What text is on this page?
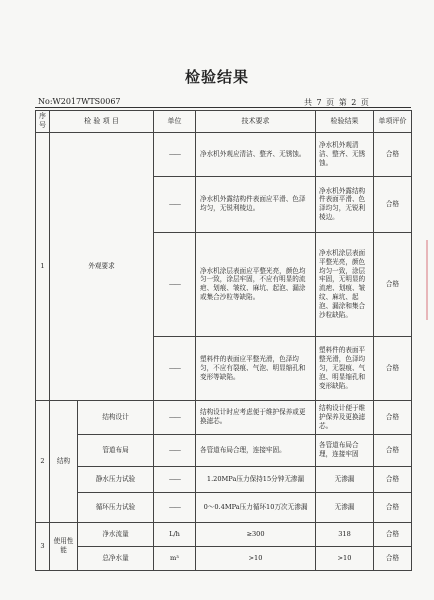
检验结果
No:W2017WTS0067	共 7 页 第 2 页
序号	检 验 项 目		单位	技术要求	检验结果	单项评价
1	外观要求		——	净水机外观应清洁、整齐、无锈蚀。	净水机外观清洁、整齐、无锈蚀。	合格
			——	净水机外露结构件表面应平滑、色泽均匀，无锐利棱边。	净水机外露结构件表面平滑、色泽均匀，无锐利棱边。	合格
			——	净水机涂层表面应平整光亮，颜色均匀一致，涂层牢固，不应有明显的流疤、划痕、皱纹、麻坑、起泡、漏涂或集合沙粒等缺陷。	净水机涂层表面平整光亮，颜色均匀一致，涂层牢固，无明显的流疤、划痕、皱纹、麻坑、起泡、漏涂和集合沙粒缺陷。	合格
			——	塑料件的表面应平整光滑，色泽均匀，不应有裂痕、气泡、明显缩孔和变形等缺陷。	塑料件的表面平整光滑，色泽均匀，无裂痕、气泡、明显缩孔和变形缺陷。	合格
2	结构	结构设计	——	结构设计时应考虑便于维护保养或更换滤芯。	结构设计便于维护保养及更换滤芯。	合格
		管道布局	——	各管道布局合理，连接牢固。	各管道布局合理，连接牢固	合格
		静水压力试验	——	1.20MPa压力保持15分钟无渗漏	无渗漏	合格
		循环压力试验	——	0～0.4MPa压力循环10万次无渗漏	无渗漏	合格
3	使用性能	净水流量	L/h	≥300	318	合格
		总净水量	m³	>10	>10	合格
